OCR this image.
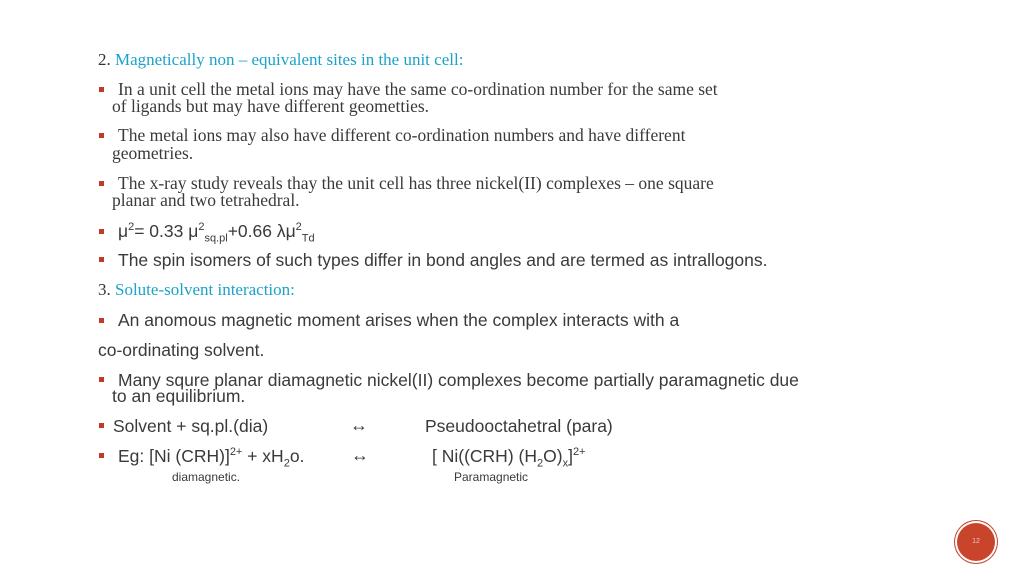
2. Magnetically non – equivalent sites in the unit cell:
In a unit cell the metal ions may have the same co-ordination number for the same set
of ligands but may have different geometties.
The metal ions may also have different co-ordination numbers and have different
geometries.
The x-ray study reveals thay the unit cell has three nickel(II) complexes – one square
planar and two tetrahedral.
$\mu^2= 0.33$ $\mu^2_{sq.pl}+0.66$ $\lambda\mu^2_{Td}$
The spin isomers of such types differ in bond angles and are termed as intrallogons.
3. Solute-solvent interaction:
An anomous magnetic moment arises when the complex interacts with a
co-ordinating solvent.
Many squre planar diamagnetic nickel(II) complexes become partially paramagnetic due
to an equilibrium.
Solvent + sq.pl.(dia)	↔	Pseudooctahetral (para)
Eg: [Ni $(CRH)]^{2+} + xH_2o$.	↔	[ Ni((CRH) $(H_2O)_x]^{2+}$
diamagnetic.	Paramagnetic
12
